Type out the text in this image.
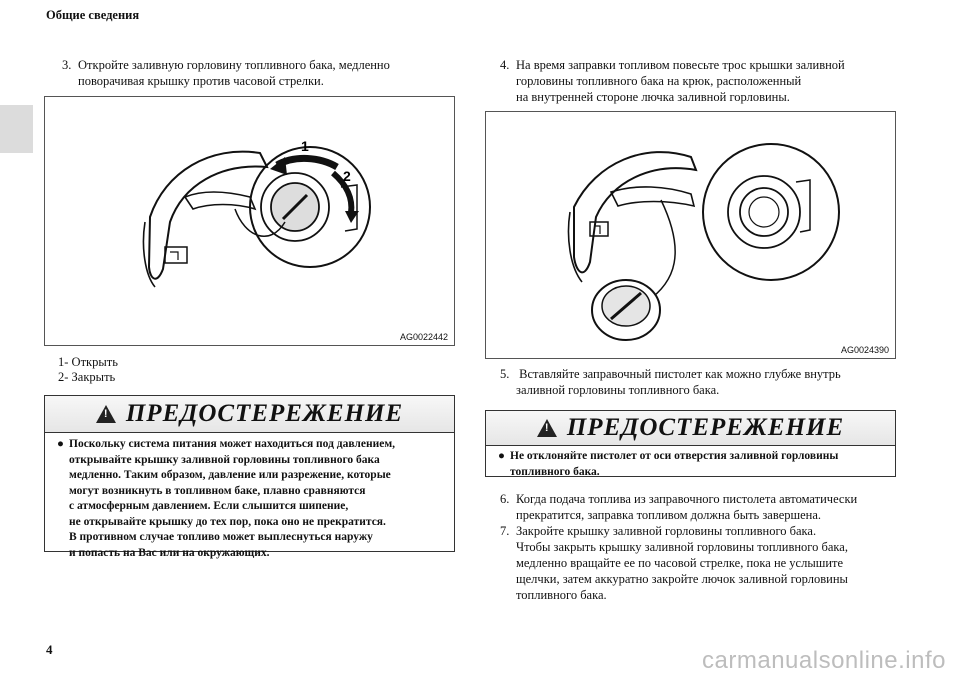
Общие сведения
3. Откройте заливную горловину топливного бака, медленно
поворачивая крышку против часовой стрелки.
1
2
AG0022442
1- Открыть
2- Закрыть
!
ПРЕДОСТЕРЕЖЕНИЕ
● Поскольку система питания может находиться под давлением,
открывайте крышку заливной горловины топливного бака
медленно. Таким образом, давление или разрежение, которые
могут возникнуть в топливном баке, плавно сравняются
с атмосферным давлением. Если слышится шипение,
не открывайте крышку до тех пор, пока оно не прекратится.
В противном случае топливо может выплеснуться наружу
и попасть на Вас или на окружающих.
4. На время заправки топливом повесьте трос крышки заливной
горловины топливного бака на крюк, расположенный
на внутренней стороне лючка заливной горловины.
AG0024390
5. Вставляйте заправочный пистолет как можно глубже внутрь
заливной горловины топливного бака.
!
ПРЕДОСТЕРЕЖЕНИЕ
● Не отклоняйте пистолет от оси отверстия заливной горловины
топливного бака.
6. Когда подача топлива из заправочного пистолета автоматически
прекратится, заправка топливом должна быть завершена.
7. Закройте крышку заливной горловины топливного бака.
Чтобы закрыть крышку заливной горловины топливного бака,
медленно вращайте ее по часовой стрелке, пока не услышите
щелчки, затем аккуратно закройте лючок заливной горловины
топливного бака.
4	carmanualsonline.info
